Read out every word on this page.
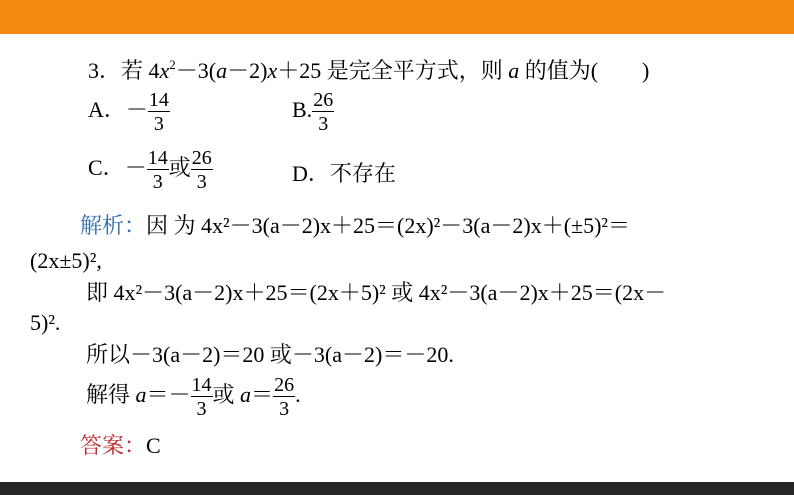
3．若 $4x^2-3(a-2)x+25$ 是完全平方式，则 a 的值为(　　)
A．－ $\frac{14}{3}$	B. $\frac{26}{3}$
C．－ $\frac{14}{3}$ 或 $\frac{26}{3}$	D．不存在
解析：因 为 4x²－3(a－2)x＋25＝(2x)²－3(a－2)x＋(±5)²＝
(2x±5)²,
即 4x²－3(a－2)x＋25＝(2x＋5)² 或 4x²－3(a－2)x＋25＝(2x－
5)².
所以－3(a－2)＝20 或－3(a－2)＝－20.
解得 $a=- \frac{14}{3}$ 或 $a= \frac{26}{3}$ .
答案：C
